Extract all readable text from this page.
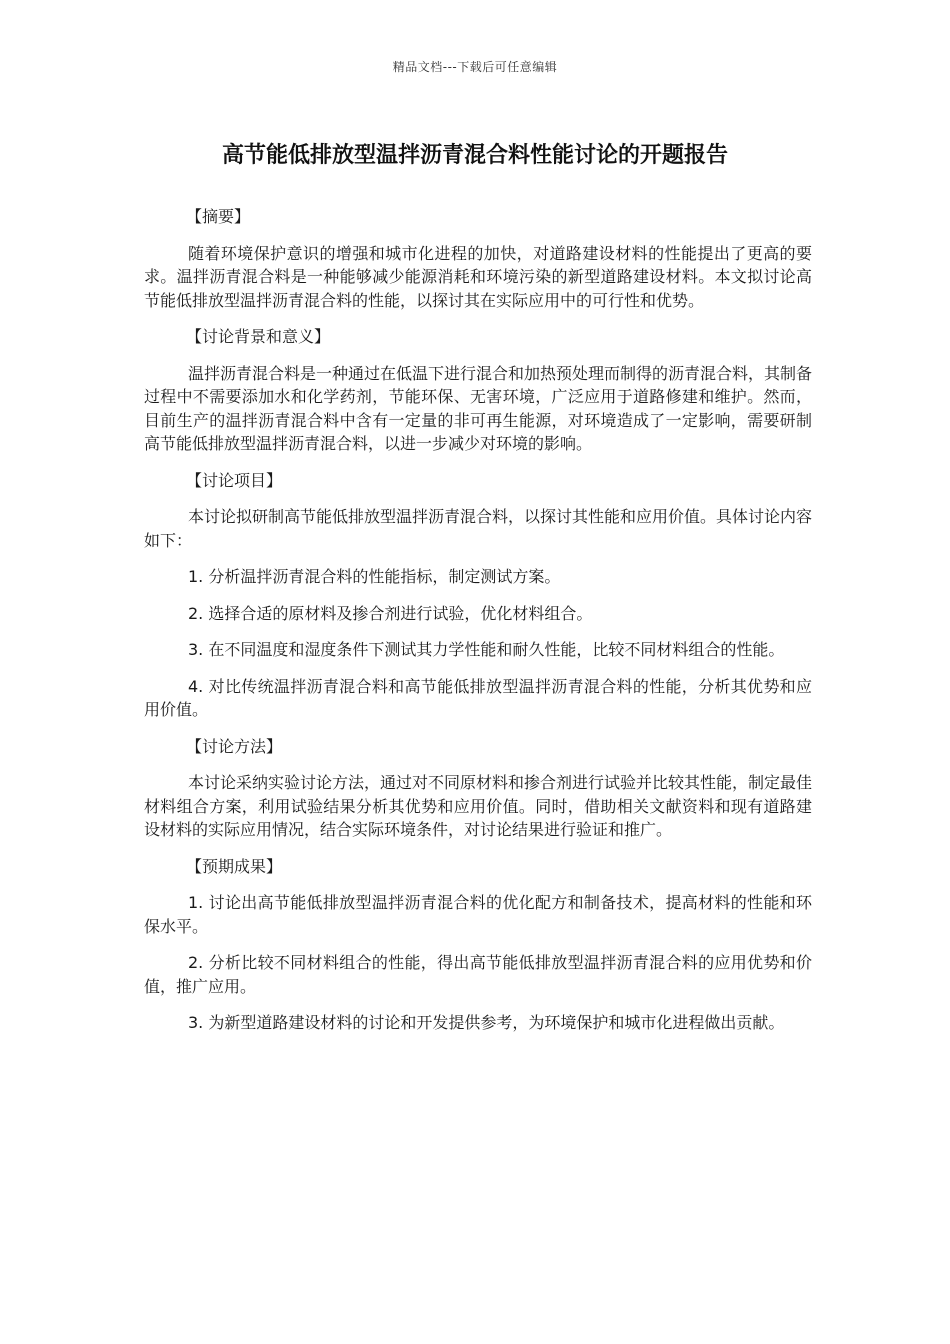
精品文档---下载后可任意编辑
高节能低排放型温拌沥青混合料性能讨论的开题报告

【摘要】

随着环境保护意识的增强和城市化进程的加快，对道路建设材料的性能提出了更高的要求。温拌沥青混合料是一种能够减少能源消耗和环境污染的新型道路建设材料。本文拟讨论高节能低排放型温拌沥青混合料的性能，以探讨其在实际应用中的可行性和优势。

【讨论背景和意义】

温拌沥青混合料是一种通过在低温下进行混合和加热预处理而制得的沥青混合料，其制备过程中不需要添加水和化学药剂，节能环保、无害环境，广泛应用于道路修建和维护。然而，目前生产的温拌沥青混合料中含有一定量的非可再生能源，对环境造成了一定影响，需要研制高节能低排放型温拌沥青混合料，以进一步减少对环境的影响。

【讨论项目】

本讨论拟研制高节能低排放型温拌沥青混合料，以探讨其性能和应用价值。具体讨论内容如下：

1. 分析温拌沥青混合料的性能指标，制定测试方案。

2. 选择合适的原材料及掺合剂进行试验，优化材料组合。

3. 在不同温度和湿度条件下测试其力学性能和耐久性能，比较不同材料组合的性能。

4. 对比传统温拌沥青混合料和高节能低排放型温拌沥青混合料的性能，分析其优势和应用价值。

【讨论方法】

本讨论采纳实验讨论方法，通过对不同原材料和掺合剂进行试验并比较其性能，制定最佳材料组合方案，利用试验结果分析其优势和应用价值。同时，借助相关文献资料和现有道路建设材料的实际应用情况，结合实际环境条件，对讨论结果进行验证和推广。

【预期成果】

1. 讨论出高节能低排放型温拌沥青混合料的优化配方和制备技术，提高材料的性能和环保水平。

2. 分析比较不同材料组合的性能，得出高节能低排放型温拌沥青混合料的应用优势和价值，推广应用。

3. 为新型道路建设材料的讨论和开发提供参考，为环境保护和城市化进程做出贡献。
